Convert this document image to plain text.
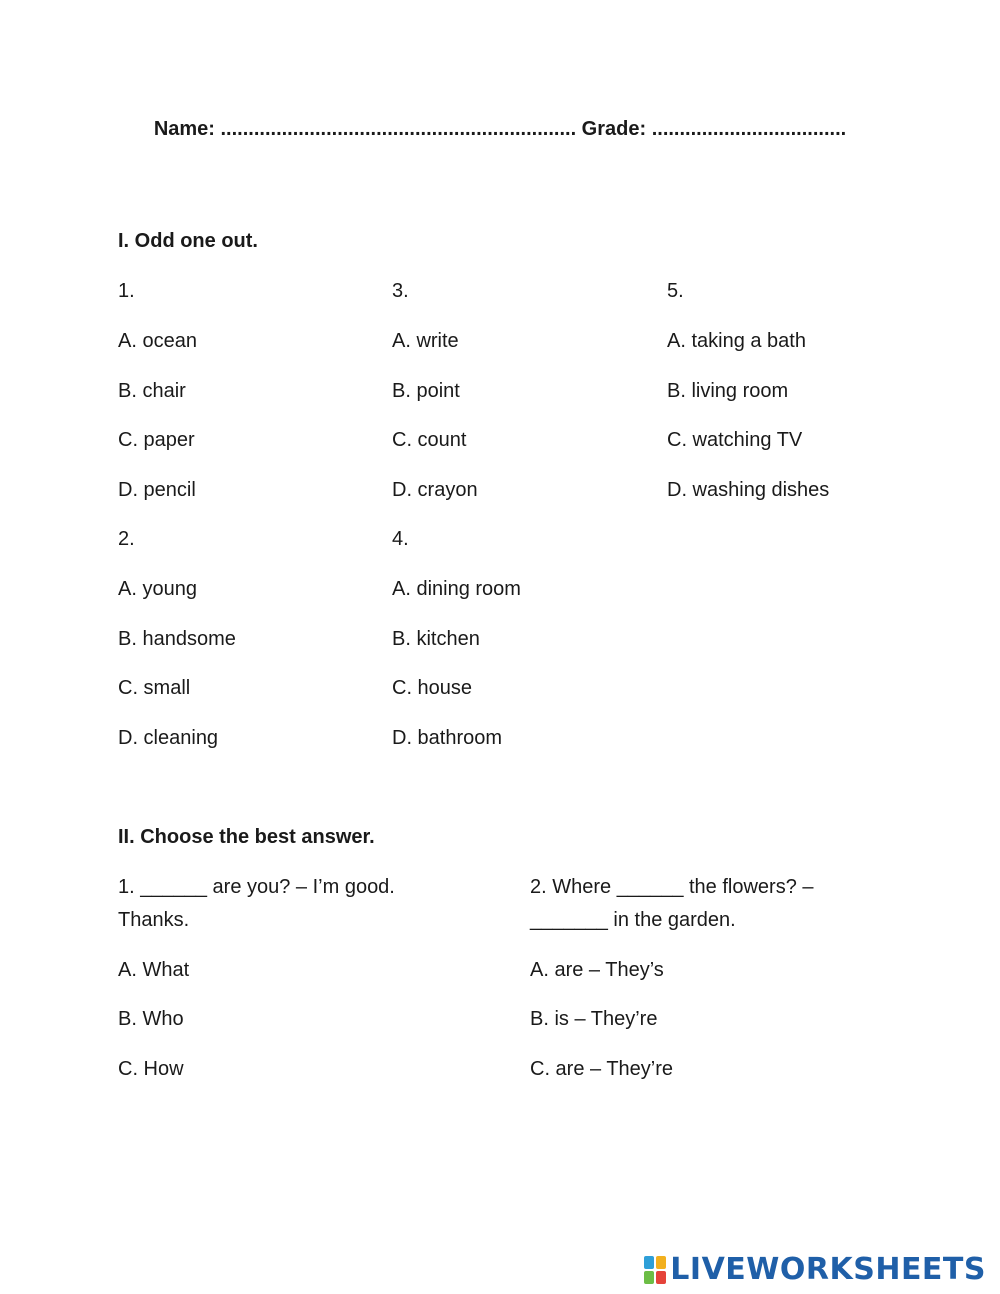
Name: ................................................................ Grade: ...................................
I. Odd one out.
1.
A. ocean
B. chair
C. paper
D. pencil
2.
A. young
B. handsome
C. small
D. cleaning
3.
A. write
B. point
C. count
D. crayon
4.
A. dining room
B. kitchen
C. house
D. bathroom
5.
A. taking a bath
B. living room
C. watching TV
D. washing dishes
II. Choose the best answer.
1. ______ are you? – I’m good.
Thanks.
A. What
B. Who
C. How
2. Where ______ the flowers? –
_______ in the garden.
A. are – They’s
B. is – They’re
C. are – They’re
LIVEWORKSHEETS
